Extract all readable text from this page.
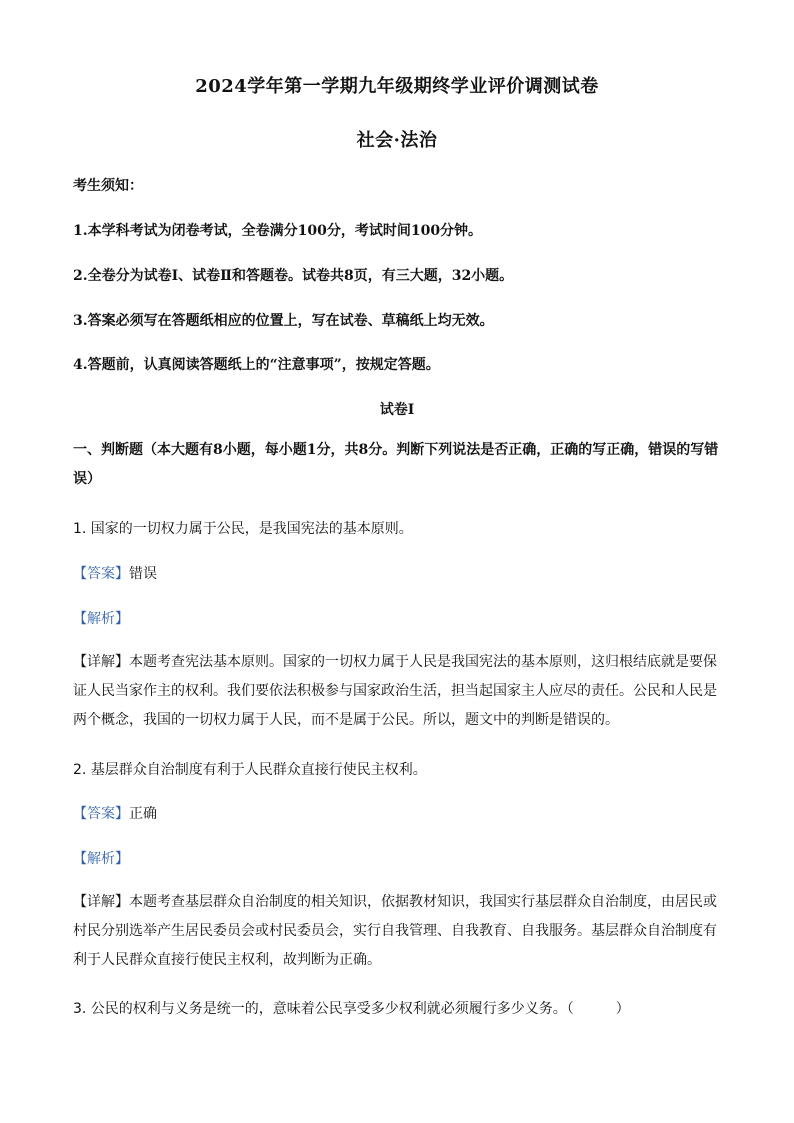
2024学年第一学期九年级期终学业评价调测试卷
社会·法治
考生须知：
1.本学科考试为闭卷考试，全卷满分100分，考试时间100分钟。
2.全卷分为试卷Ⅰ、试卷Ⅱ和答题卷。试卷共8页，有三大题，32小题。
3.答案必须写在答题纸相应的位置上，写在试卷、草稿纸上均无效。
4.答题前，认真阅读答题纸上的“注意事项”，按规定答题。
试卷Ⅰ
一、判断题（本大题有8小题，每小题1分，共8分。判断下列说法是否正确，正确的写正确，错误的写错误）
1. 国家的一切权力属于公民，是我国宪法的基本原则。
【答案】错误
【解析】
【详解】本题考查宪法基本原则。国家的一切权力属于人民是我国宪法的基本原则，这归根结底就是要保证人民当家作主的权利。我们要依法积极参与国家政治生活，担当起国家主人应尽的责任。公民和人民是两个概念，我国的一切权力属于人民，而不是属于公民。所以，题文中的判断是错误的。
2. 基层群众自治制度有利于人民群众直接行使民主权利。
【答案】正确
【解析】
【详解】本题考查基层群众自治制度的相关知识，依据教材知识，我国实行基层群众自治制度，由居民或村民分别选举产生居民委员会或村民委员会，实行自我管理、自我教育、自我服务。基层群众自治制度有利于人民群众直接行使民主权利，故判断为正确。
3. 公民的权利与义务是统一的，意味着公民享受多少权利就必须履行多少义务。（　　　）
